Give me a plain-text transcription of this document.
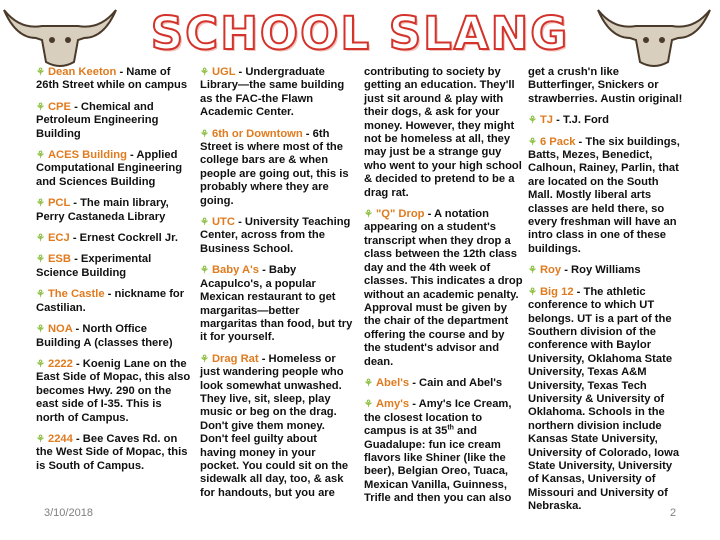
SCHOOL SLANG
⚘ Dean Keeton - Name of 26th Street while on campus
⚘ CPE - Chemical and Petroleum Engineering Building
⚘ ACES Building - Applied Computational Engineering and Sciences Building
⚘ PCL - The main library, Perry Castaneda Library
⚘ ECJ - Ernest Cockrell Jr.
⚘ ESB - Experimental Science Building
⚘ The Castle - nickname for Castilian.
⚘ NOA - North Office Building A (classes there)
⚘ 2222 - Koenig Lane on the East Side of Mopac, this also becomes Hwy. 290 on the east side of I-35. This is north of Campus.
⚘ 2244 - Bee Caves Rd. on the West Side of Mopac, this is South of Campus.
⚘ UGL - Undergraduate Library—the same building as the FAC-the Flawn Academic Center.
⚘ 6th or Downtown - 6th Street is where most of the college bars are & when people are going out, this is probably where they are going.
⚘ UTC - University Teaching Center, across from the Business School.
⚘ Baby A's - Baby Acapulco's, a popular Mexican restaurant to get margaritas—better margaritas than food, but try it for yourself.
⚘ Drag Rat - Homeless or just wandering people who look somewhat unwashed. They live, sit, sleep, play music or beg on the drag. Don't give them money. Don't feel guilty about having money in your pocket. You could sit on the sidewalk all day, too, & ask for handouts, but you are
contributing to society by getting an education. They'll just sit around & play with their dogs, & ask for your money. However, they might not be homeless at all, they may just be a strange guy who went to your high school & decided to pretend to be a drag rat.
⚘ "Q" Drop - A notation appearing on a student's transcript when they drop a class between the 12th class day and the 4th week of classes. This indicates a drop without an academic penalty. Approval must be given by the chair of the department offering the course and by the student's advisor and dean.
⚘ Abel's - Cain and Abel's
⚘ Amy's - Amy's Ice Cream, the closest location to campus is at 35th and Guadalupe: fun ice cream flavors like Shiner (like the beer), Belgian Oreo, Tuaca, Mexican Vanilla, Guinness, Trifle and then you can also
get a crush'n like Butterfinger, Snickers or strawberries. Austin original!
⚘ TJ - T.J. Ford
⚘ 6 Pack - The six buildings, Batts, Mezes, Benedict, Calhoun, Rainey, Parlin, that are located on the South Mall. Mostly liberal arts classes are held there, so every freshman will have an intro class in one of these buildings.
⚘ Roy - Roy Williams
⚘ Big 12 - The athletic conference to which UT belongs. UT is a part of the Southern division of the conference with Baylor University, Oklahoma State University, Texas A&M University, Texas Tech University & University of Oklahoma. Schools in the northern division include Kansas State University, University of Colorado, Iowa State University, University of Kansas, University of Missouri and University of Nebraska.
3/10/2018	2
